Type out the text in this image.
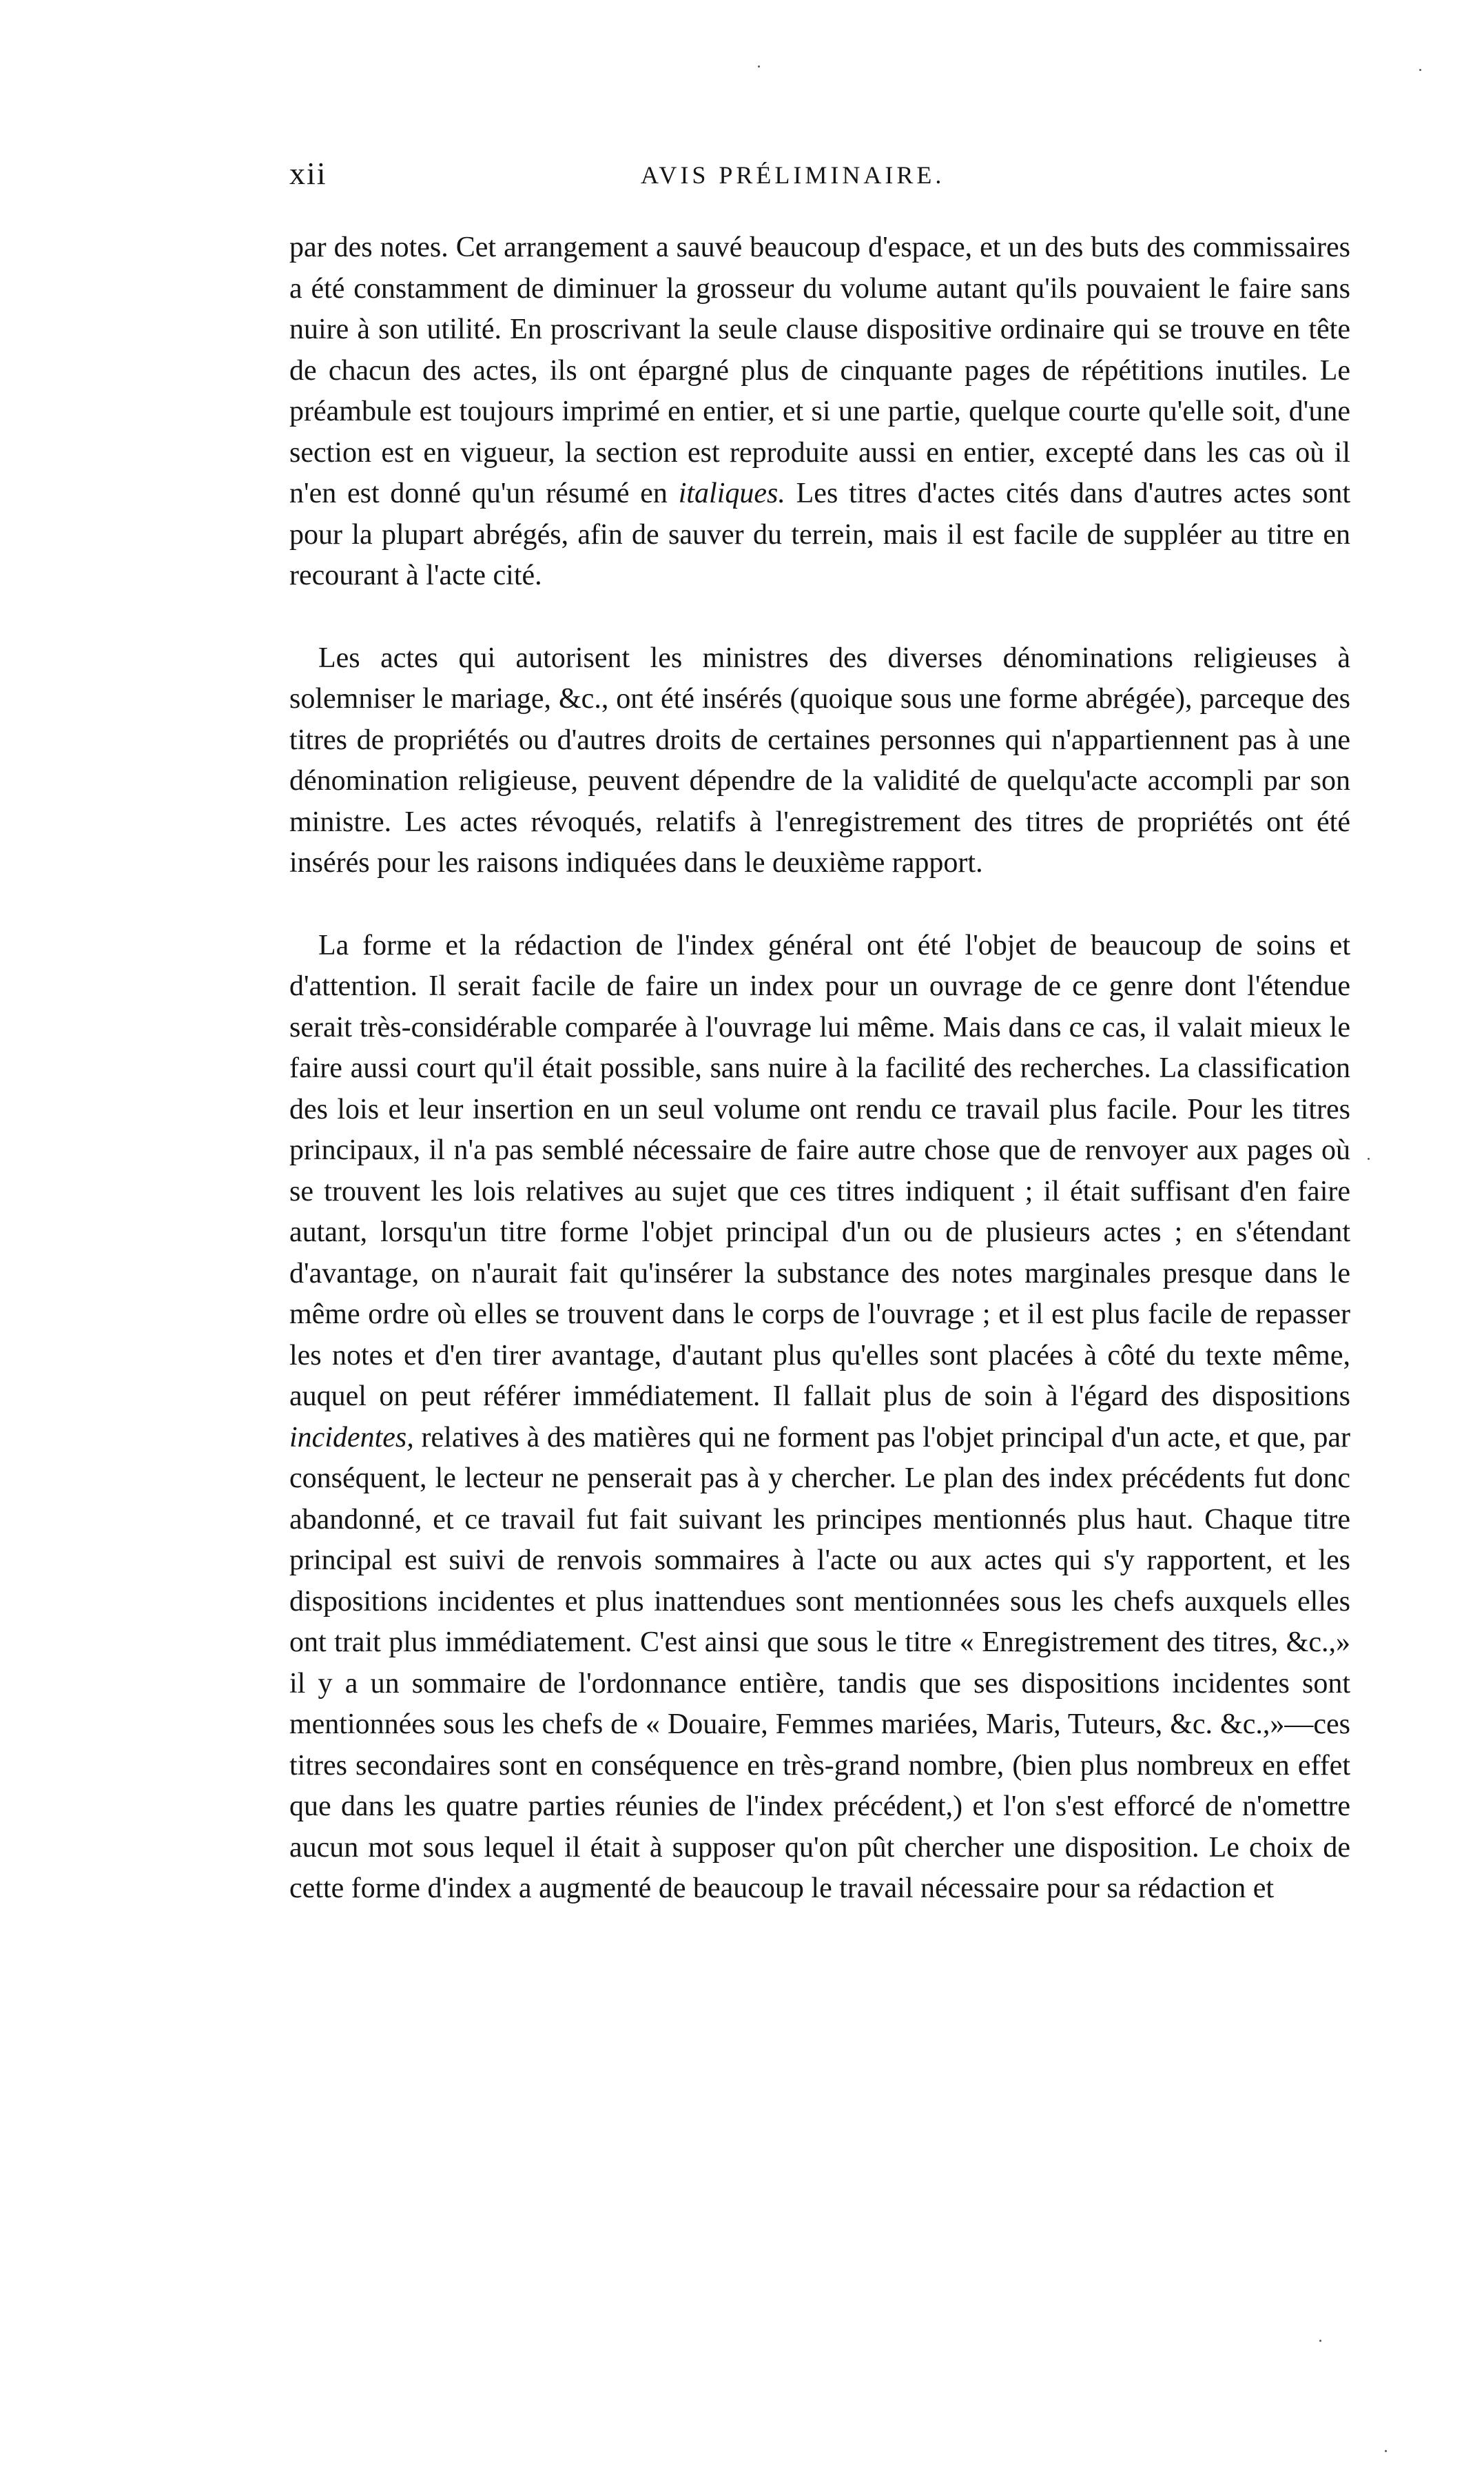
xii	AVIS PRÉLIMINAIRE.

par des notes. Cet arrangement a sauvé beaucoup d'espace, et un des buts des commissaires a été constamment de diminuer la grosseur du volume autant qu'ils pouvaient le faire sans nuire à son utilité. En proscrivant la seule clause dispositive ordinaire qui se trouve en tête de chacun des actes, ils ont épargné plus de cinquante pages de répétitions inutiles. Le préambule est toujours imprimé en entier, et si une partie, quelque courte qu'elle soit, d'une section est en vigueur, la section est reproduite aussi en entier, excepté dans les cas où il n'en est donné qu'un résumé en italiques. Les titres d'actes cités dans d'autres actes sont pour la plupart abrégés, afin de sauver du terrein, mais il est facile de suppléer au titre en recourant à l'acte cité.

Les actes qui autorisent les ministres des diverses dénominations religieuses à solemniser le mariage, &c., ont été insérés (quoique sous une forme abrégée), parceque des titres de propriétés ou d'autres droits de certaines personnes qui n'appartiennent pas à une dénomination religieuse, peuvent dépendre de la validité de quelqu'acte accompli par son ministre. Les actes révoqués, relatifs à l'enregistrement des titres de propriétés ont été insérés pour les raisons indiquées dans le deuxième rapport.

La forme et la rédaction de l'index général ont été l'objet de beaucoup de soins et d'attention. Il serait facile de faire un index pour un ouvrage de ce genre dont l'étendue serait très-considérable comparée à l'ouvrage lui même. Mais dans ce cas, il valait mieux le faire aussi court qu'il était possible, sans nuire à la facilité des recherches. La classification des lois et leur insertion en un seul volume ont rendu ce travail plus facile. Pour les titres principaux, il n'a pas semblé nécessaire de faire autre chose que de renvoyer aux pages où se trouvent les lois relatives au sujet que ces titres indiquent ; il était suffisant d'en faire autant, lorsqu'un titre forme l'objet principal d'un ou de plusieurs actes ; en s'étendant d'avantage, on n'aurait fait qu'insérer la substance des notes marginales presque dans le même ordre où elles se trouvent dans le corps de l'ouvrage ; et il est plus facile de repasser les notes et d'en tirer avantage, d'autant plus qu'elles sont placées à côté du texte même, auquel on peut référer immédiatement. Il fallait plus de soin à l'égard des dispositions incidentes, relatives à des matières qui ne forment pas l'objet principal d'un acte, et que, par conséquent, le lecteur ne penserait pas à y chercher. Le plan des index précédents fut donc abandonné, et ce travail fut fait suivant les principes mentionnés plus haut. Chaque titre principal est suivi de renvois sommaires à l'acte ou aux actes qui s'y rapportent, et les dispositions incidentes et plus inattendues sont mentionnées sous les chefs auxquels elles ont trait plus immédiatement. C'est ainsi que sous le titre « Enregistrement des titres, &c.,» il y a un sommaire de l'ordonnance entière, tandis que ses dispositions incidentes sont mentionnées sous les chefs de « Douaire, Femmes mariées, Maris, Tuteurs, &c. &c.,»—ces titres secondaires sont en conséquence en très-grand nombre, (bien plus nombreux en effet que dans les quatre parties réunies de l'index précédent,) et l'on s'est efforcé de n'omettre aucun mot sous lequel il était à supposer qu'on pût chercher une disposition. Le choix de cette forme d'index a augmenté de beaucoup le travail nécessaire pour sa rédaction et
